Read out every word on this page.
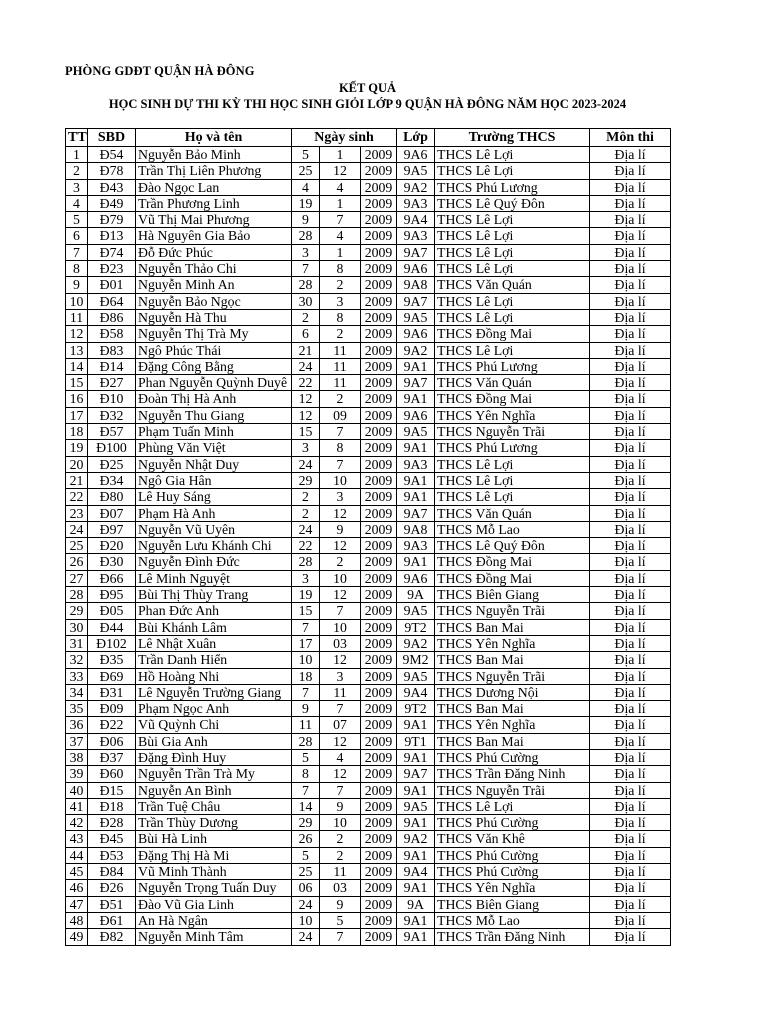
PHÒNG GDĐT QUẬN HÀ ĐÔNG
KẾT QUẢ
HỌC SINH DỰ THI KỲ THI HỌC SINH GIỎI LỚP 9 QUẬN HÀ ĐÔNG NĂM HỌC 2023-2024
TT	SBD	Họ và tên	Ngày sinh			Lớp	Trường THCS	Môn thi
1	Đ54	Nguyễn Bảo Minh	5	1	2009	9A6	THCS Lê Lợi	Địa lí
2	Đ78	Trần Thị Liên Phương	25	12	2009	9A5	THCS Lê Lợi	Địa lí
3	Đ43	Đào Ngọc Lan	4	4	2009	9A2	THCS Phú Lương	Địa lí
4	Đ49	Trần Phương Linh	19	1	2009	9A3	THCS Lê Quý Đôn	Địa lí
5	Đ79	Vũ Thị Mai Phương	9	7	2009	9A4	THCS Lê Lợi	Địa lí
6	Đ13	Hà Nguyên Gia Bảo	28	4	2009	9A3	THCS Lê Lợi	Địa lí
7	Đ74	Đỗ Đức Phúc	3	1	2009	9A7	THCS Lê Lợi	Địa lí
8	Đ23	Nguyễn Thảo Chi	7	8	2009	9A6	THCS Lê Lợi	Địa lí
9	Đ01	Nguyễn Minh An	28	2	2009	9A8	THCS Văn Quán	Địa lí
10	Đ64	Nguyễn Bảo Ngọc	30	3	2009	9A7	THCS Lê Lợi	Địa lí
11	Đ86	Nguyễn Hà Thu	2	8	2009	9A5	THCS Lê Lợi	Địa lí
12	Đ58	Nguyễn Thị Trà My	6	2	2009	9A6	THCS Đồng Mai	Địa lí
13	Đ83	Ngô Phúc Thái	21	11	2009	9A2	THCS Lê Lợi	Địa lí
14	Đ14	Đặng Công Bằng	24	11	2009	9A1	THCS Phú Lương	Địa lí
15	Đ27	Phan Nguyễn Quỳnh Duyê	22	11	2009	9A7	THCS Văn Quán	Địa lí
16	Đ10	Đoàn Thị Hà Anh	12	2	2009	9A1	THCS Đồng Mai	Địa lí
17	Đ32	Nguyễn Thu Giang	12	09	2009	9A6	THCS Yên Nghĩa	Địa lí
18	Đ57	Phạm Tuấn Minh	15	7	2009	9A5	THCS Nguyễn Trãi	Địa lí
19	Đ100	Phùng Văn Việt	3	8	2009	9A1	THCS Phú Lương	Địa lí
20	Đ25	Nguyễn Nhật Duy	24	7	2009	9A3	THCS Lê Lợi	Địa lí
21	Đ34	Ngô Gia Hân	29	10	2009	9A1	THCS Lê Lợi	Địa lí
22	Đ80	Lê Huy Sáng	2	3	2009	9A1	THCS Lê Lợi	Địa lí
23	Đ07	Phạm Hà Anh	2	12	2009	9A7	THCS Văn Quán	Địa lí
24	Đ97	Nguyễn Vũ Uyên	24	9	2009	9A8	THCS Mỗ Lao	Địa lí
25	Đ20	Nguyễn Lưu Khánh Chi	22	12	2009	9A3	THCS Lê Quý Đôn	Địa lí
26	Đ30	Nguyễn Đình Đức	28	2	2009	9A1	THCS Đồng Mai	Địa lí
27	Đ66	Lê Minh Nguyệt	3	10	2009	9A6	THCS Đồng Mai	Địa lí
28	Đ95	Bùi Thị Thùy Trang	19	12	2009	9A	THCS Biên Giang	Địa lí
29	Đ05	Phan Đức Anh	15	7	2009	9A5	THCS Nguyễn Trãi	Địa lí
30	Đ44	Bùi Khánh Lâm	7	10	2009	9T2	THCS Ban Mai	Địa lí
31	Đ102	Lê Nhật Xuân	17	03	2009	9A2	THCS Yên Nghĩa	Địa lí
32	Đ35	Trần Danh Hiển	10	12	2009	9M2	THCS Ban Mai	Địa lí
33	Đ69	Hồ Hoàng Nhi	18	3	2009	9A5	THCS Nguyễn Trãi	Địa lí
34	Đ31	Lê Nguyễn Trường Giang	7	11	2009	9A4	THCS Dương Nội	Địa lí
35	Đ09	Phạm Ngọc Anh	9	7	2009	9T2	THCS Ban Mai	Địa lí
36	Đ22	Vũ Quỳnh Chi	11	07	2009	9A1	THCS Yên Nghĩa	Địa lí
37	Đ06	Bùi Gia Anh	28	12	2009	9T1	THCS Ban Mai	Địa lí
38	Đ37	Đặng Đình Huy	5	4	2009	9A1	THCS Phú Cường	Địa lí
39	Đ60	Nguyễn Trần Trà My	8	12	2009	9A7	THCS Trần Đăng Ninh	Địa lí
40	Đ15	Nguyễn An Bình	7	7	2009	9A1	THCS Nguyễn Trãi	Địa lí
41	Đ18	Trần Tuệ Châu	14	9	2009	9A5	THCS Lê Lợi	Địa lí
42	Đ28	Trần Thùy Dương	29	10	2009	9A1	THCS Phú Cường	Địa lí
43	Đ45	Bùi Hà Linh	26	2	2009	9A2	THCS Văn Khê	Địa lí
44	Đ53	Đặng Thị Hà Mi	5	2	2009	9A1	THCS Phú Cường	Địa lí
45	Đ84	Vũ Minh Thành	25	11	2009	9A4	THCS Phú Cường	Địa lí
46	Đ26	Nguyễn Trọng Tuấn Duy	06	03	2009	9A1	THCS Yên Nghĩa	Địa lí
47	Đ51	Đào Vũ Gia Linh	24	9	2009	9A	THCS Biên Giang	Địa lí
48	Đ61	An Hà Ngân	10	5	2009	9A1	THCS Mỗ Lao	Địa lí
49	Đ82	Nguyễn Minh Tâm	24	7	2009	9A1	THCS Trần Đăng Ninh	Địa lí
